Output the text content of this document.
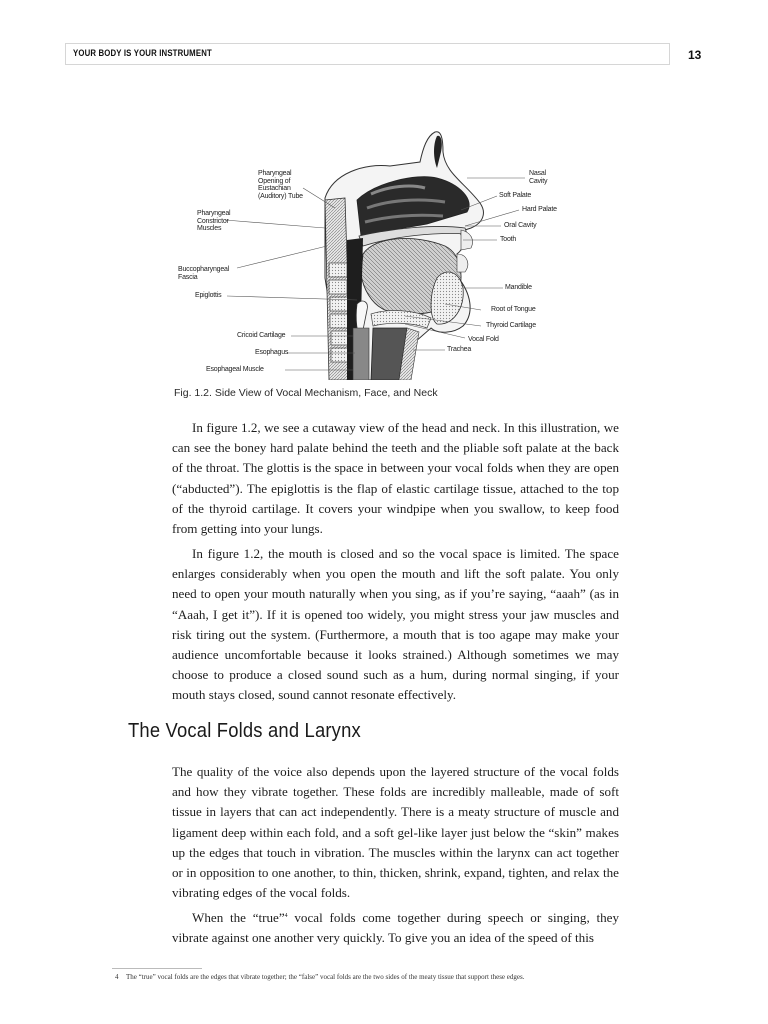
YOUR BODY IS YOUR INSTRUMENT	13
Pharyngeal
Opening of
Eustachian
(Auditory) Tube
Pharyngeal
Constrictor
Muscles
Buccopharyngeal
Fascia
Epiglottis
Cricoid Cartilage
Esophagus
Esophageal Muscle
Nasal
Cavity
Soft Palate
Hard Palate
Oral Cavity
Tooth
Mandible
Root of Tongue
Thyroid Cartilage
Vocal Fold
Trachea
Fig. 1.2. Side View of Vocal Mechanism, Face, and Neck

In figure 1.2, we see a cutaway view of the head and neck. In this illustration, we can see the boney hard palate behind the teeth and the pliable soft palate at the back of the throat. The glottis is the space in between your vocal folds when they are open (“abducted”). The epiglottis is the flap of elastic cartilage tissue, attached to the top of the thyroid cartilage. It covers your windpipe when you swallow, to keep food from getting into your lungs.

In figure 1.2, the mouth is closed and so the vocal space is limited. The space enlarges considerably when you open the mouth and lift the soft palate. You only need to open your mouth naturally when you sing, as if you’re saying, “aaah” (as in “Aaah, I get it”). If it is opened too widely, you might stress your jaw muscles and risk tiring out the system. (Furthermore, a mouth that is too agape may make your audience uncomfortable because it looks strained.) Although sometimes we may choose to produce a closed sound such as a hum, during normal singing, if your mouth stays closed, sound cannot resonate effectively.

The Vocal Folds and Larynx

The quality of the voice also depends upon the layered structure of the vocal folds and how they vibrate together. These folds are incredibly malleable, made of soft tissue in layers that can act independently. There is a meaty structure of muscle and ligament deep within each fold, and a soft gel-like layer just below the “skin” makes up the edges that touch in vibration. The muscles within the larynx can act together or in opposition to one another, to thin, thicken, shrink, expand, tighten, and relax the vibrating edges of the vocal folds.

When the “true”$^4$ vocal folds come together during speech or singing, they vibrate against one another very quickly. To give you an idea of the speed of this

4 The “true” vocal folds are the edges that vibrate together; the “false” vocal folds are the two sides of the meaty tissue that support these edges.
